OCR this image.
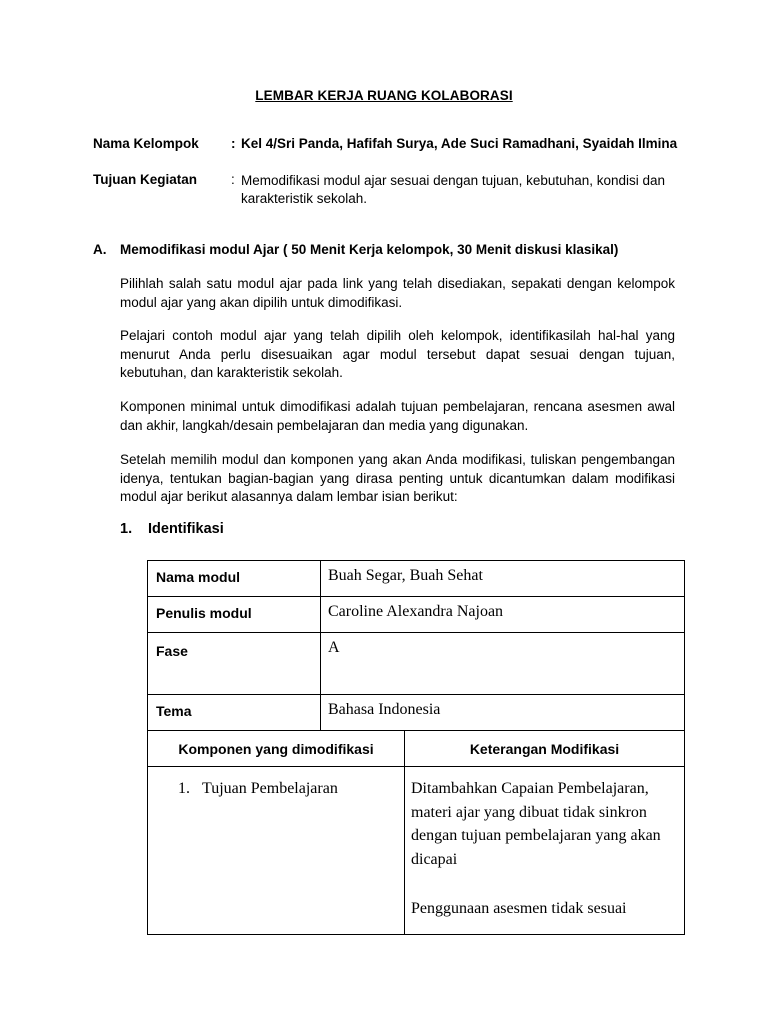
LEMBAR KERJA RUANG KOLABORASI
Nama Kelompok : Kel 4/Sri Panda, Hafifah Surya, Ade Suci Ramadhani, Syaidah Ilmina
Tujuan Kegiatan	: Memodifikasi modul ajar sesuai dengan tujuan, kebutuhan, kondisi dan karakteristik sekolah.
A. Memodifikasi modul Ajar ( 50 Menit Kerja kelompok, 30 Menit diskusi klasikal)
Pilihlah salah satu modul ajar pada link yang telah disediakan, sepakati dengan kelompok modul ajar yang akan dipilih untuk dimodifikasi.
Pelajari contoh modul ajar yang telah dipilih oleh kelompok, identifikasilah hal-hal yang menurut Anda perlu disesuaikan agar modul tersebut dapat sesuai dengan tujuan, kebutuhan, dan karakteristik sekolah.
Komponen minimal untuk dimodifikasi adalah tujuan pembelajaran, rencana asesmen awal dan akhir, langkah/desain pembelajaran dan media yang digunakan.
Setelah memilih modul dan komponen yang akan Anda modifikasi, tuliskan pengembangan idenya, tentukan bagian-bagian yang dirasa penting untuk dicantumkan dalam modifikasi modul ajar berikut alasannya dalam lembar isian berikut:
1. Identifikasi
Nama modul	Buah Segar, Buah Sehat	
Penulis modul	Caroline Alexandra Najoan	
Fase	A	
Tema	Bahasa Indonesia	
Komponen yang dimodifikasi		Keterangan Modifikasi
1. Tujuan Pembelajaran		Ditambahkan Capaian Pembelajaran, materi ajar yang dibuat tidak sinkron dengan tujuan pembelajaran yang akan dicapai

Penggunaan asesmen tidak sesuai
